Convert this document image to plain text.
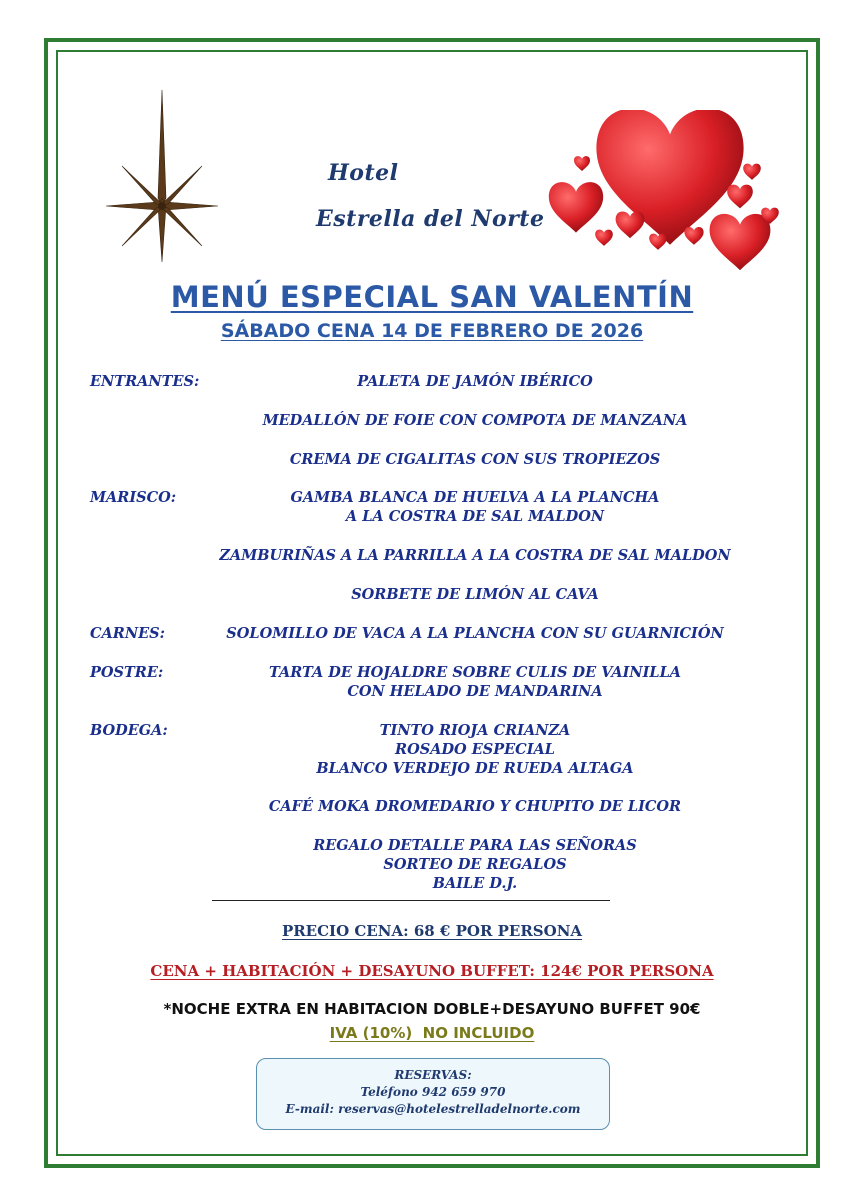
Hotel
Estrella del Norte
MENÚ ESPECIAL SAN VALENTÍN
SÁBADO CENA 14 DE FEBRERO DE 2026
ENTRANTES:	PALETA DE JAMÓN IBÉRICO
MEDALLÓN DE FOIE CON COMPOTA DE MANZANA
CREMA DE CIGALITAS CON SUS TROPIEZOS
MARISCO:	GAMBA BLANCA DE HUELVA A LA PLANCHA
A LA COSTRA DE SAL MALDON
ZAMBURIÑAS A LA PARRILLA A LA COSTRA DE SAL MALDON
SORBETE DE LIMÓN AL CAVA
CARNES:	SOLOMILLO DE VACA A LA PLANCHA CON SU GUARNICIÓN
POSTRE:	TARTA DE HOJALDRE SOBRE CULIS DE VAINILLA
CON HELADO DE MANDARINA
BODEGA:	TINTO RIOJA CRIANZA
ROSADO ESPECIAL
BLANCO VERDEJO DE RUEDA ALTAGA
CAFÉ MOKA DROMEDARIO Y CHUPITO DE LICOR
REGALO DETALLE PARA LAS SEÑORAS
SORTEO DE REGALOS
BAILE D.J.
PRECIO CENA: 68 € POR PERSONA
CENA + HABITACIÓN + DESAYUNO BUFFET: 124€ POR PERSONA
*NOCHE EXTRA EN HABITACION DOBLE+DESAYUNO BUFFET 90€
IVA (10%)  NO INCLUIDO
RESERVAS:
Teléfono 942 659 970
E-mail: reservas@hotelestrelladelnorte.com
